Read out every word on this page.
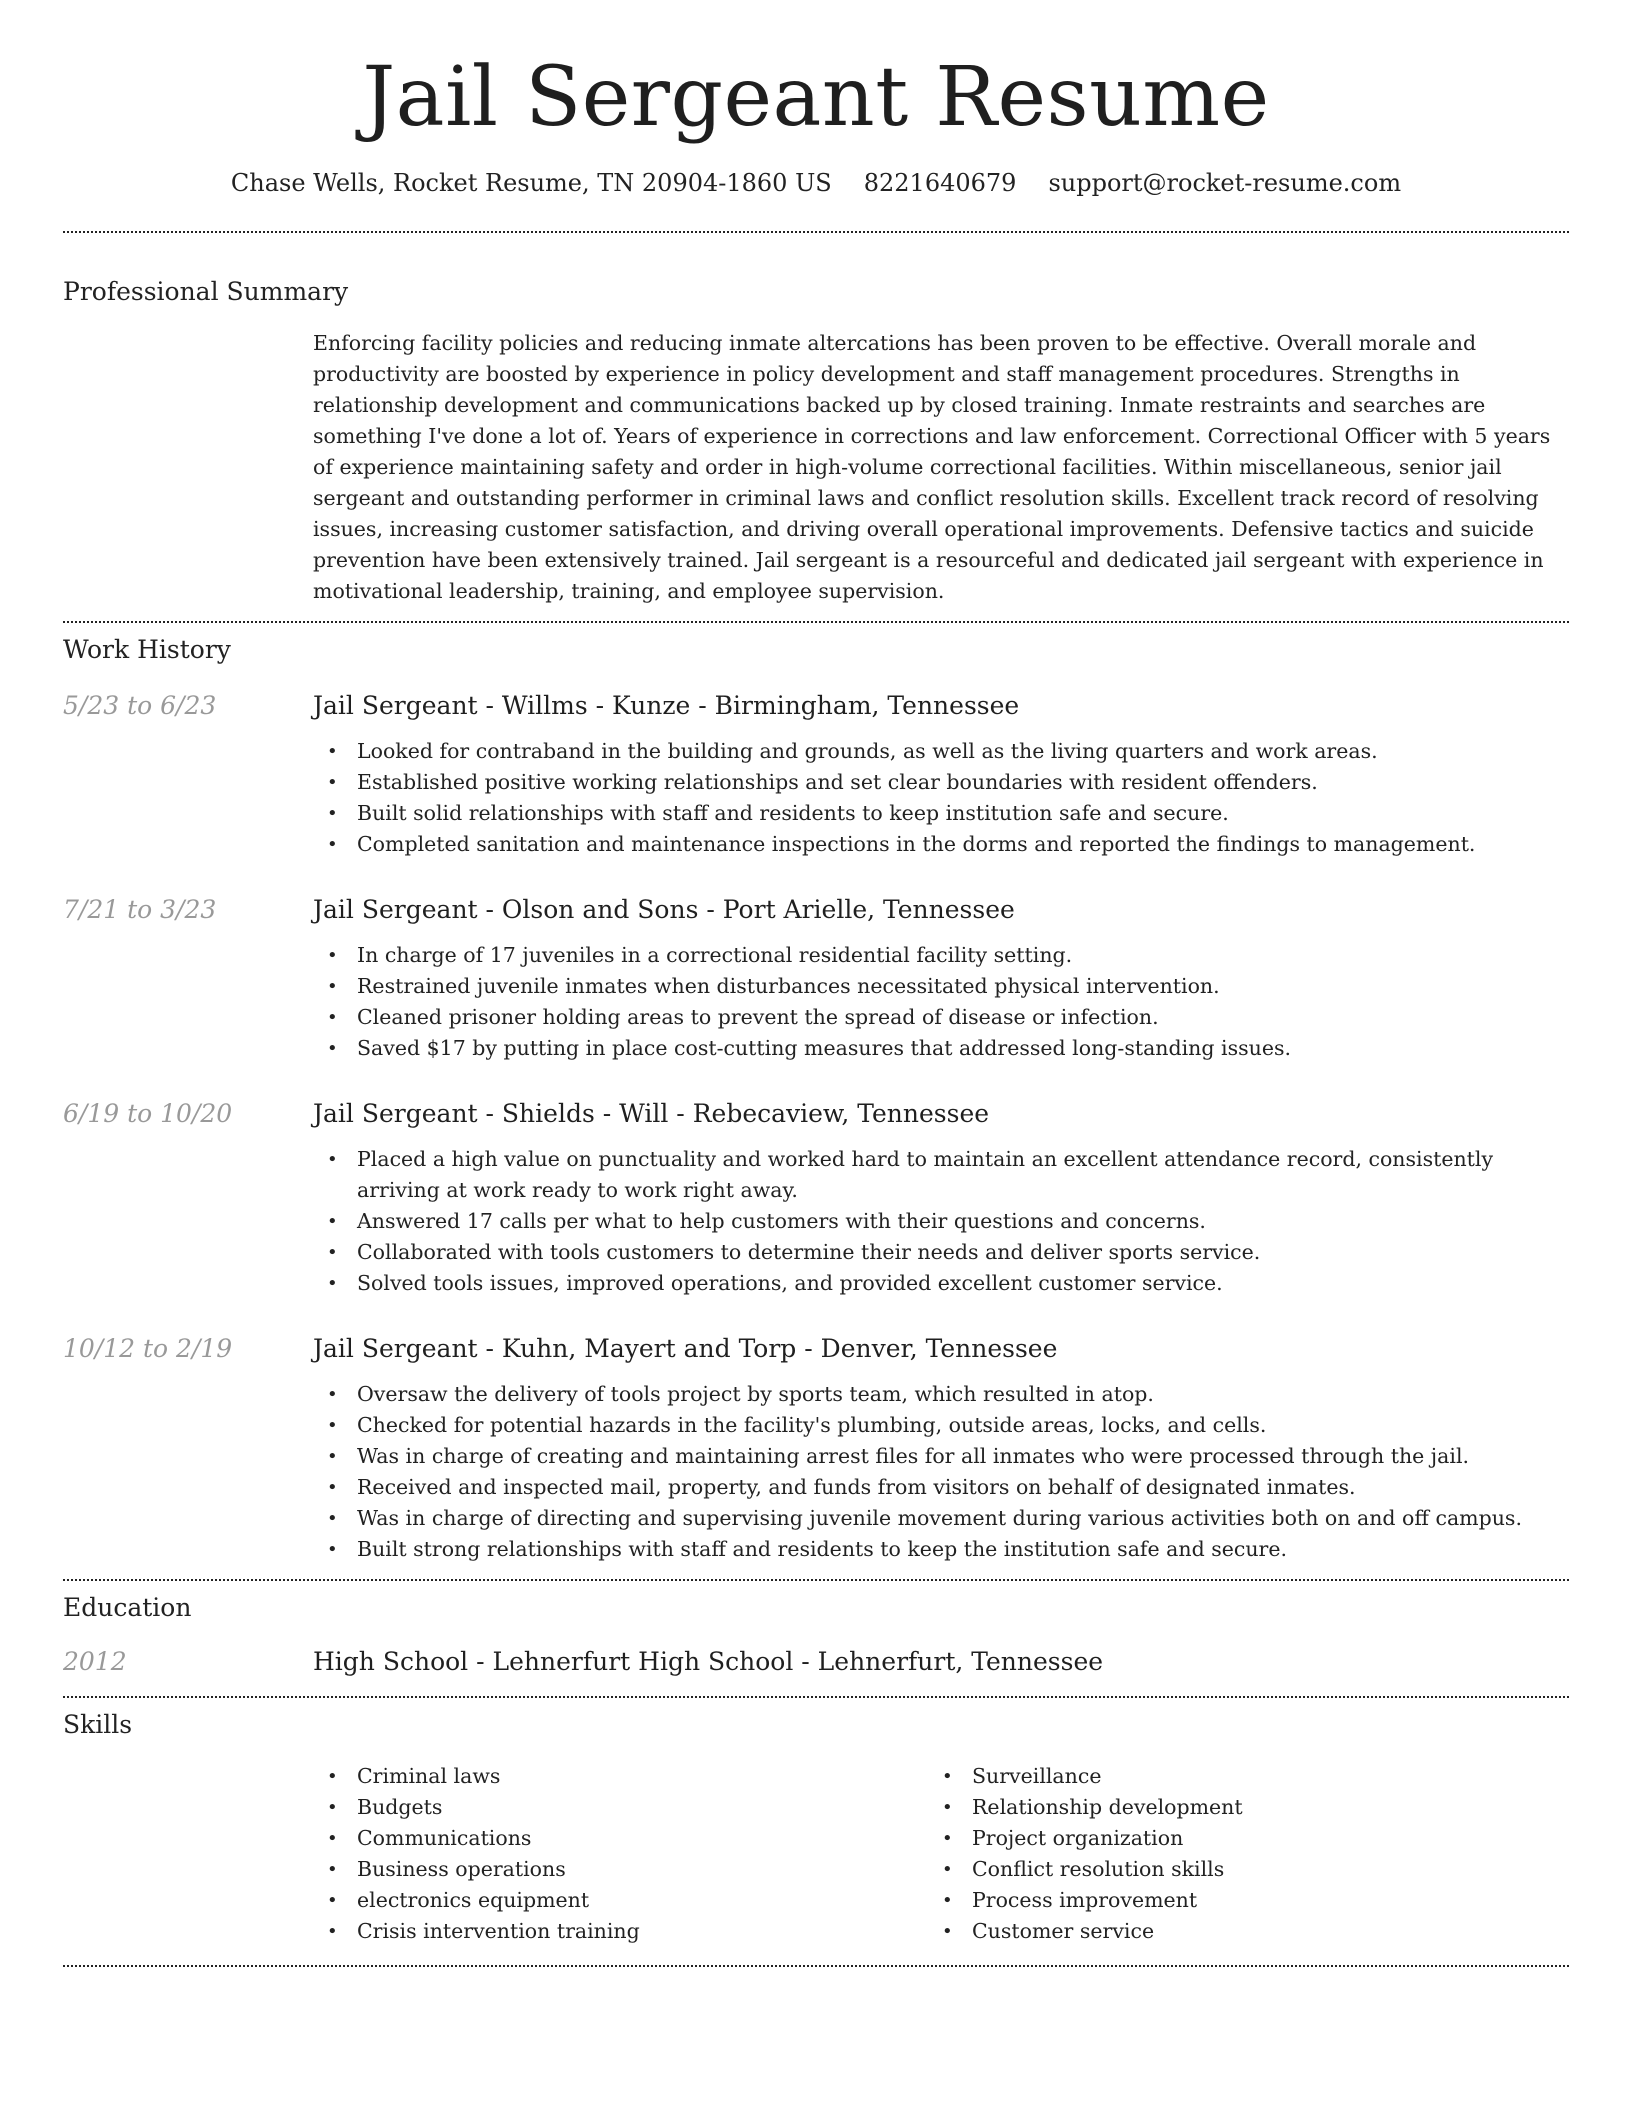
Jail Sergeant Resume
Chase Wells, Rocket Resume, TN 20904-1860 US 8221640679 support@rocket-resume.com
Professional Summary

Enforcing facility policies and reducing inmate altercations has been proven to be effective. Overall morale and productivity are boosted by experience in policy development and staff management procedures. Strengths in relationship development and communications backed up by closed training. Inmate restraints and searches are something I've done a lot of. Years of experience in corrections and law enforcement. Correctional Officer with 5 years of experience maintaining safety and order in high-volume correctional facilities. Within miscellaneous, senior jail sergeant and outstanding performer in criminal laws and conflict resolution skills. Excellent track record of resolving issues, increasing customer satisfaction, and driving overall operational improvements. Defensive tactics and suicide prevention have been extensively trained. Jail sergeant is a resourceful and dedicated jail sergeant with experience in motivational leadership, training, and employee supervision.

Work History
5/23 to 6/23	Jail Sergeant - Willms - Kunze - Birmingham, Tennessee
• Looked for contraband in the building and grounds, as well as the living quarters and work areas.
• Established positive working relationships and set clear boundaries with resident offenders.
• Built solid relationships with staff and residents to keep institution safe and secure.
• Completed sanitation and maintenance inspections in the dorms and reported the findings to management.
7/21 to 3/23	Jail Sergeant - Olson and Sons - Port Arielle, Tennessee
• In charge of 17 juveniles in a correctional residential facility setting.
• Restrained juvenile inmates when disturbances necessitated physical intervention.
• Cleaned prisoner holding areas to prevent the spread of disease or infection.
• Saved $17 by putting in place cost-cutting measures that addressed long-standing issues.
6/19 to 10/20	Jail Sergeant - Shields - Will - Rebecaview, Tennessee
• Placed a high value on punctuality and worked hard to maintain an excellent attendance record, consistently arriving at work ready to work right away.
• Answered 17 calls per what to help customers with their questions and concerns.
• Collaborated with tools customers to determine their needs and deliver sports service.
• Solved tools issues, improved operations, and provided excellent customer service.
10/12 to 2/19	Jail Sergeant - Kuhn, Mayert and Torp - Denver, Tennessee
• Oversaw the delivery of tools project by sports team, which resulted in atop.
• Checked for potential hazards in the facility's plumbing, outside areas, locks, and cells.
• Was in charge of creating and maintaining arrest files for all inmates who were processed through the jail.
• Received and inspected mail, property, and funds from visitors on behalf of designated inmates.
• Was in charge of directing and supervising juvenile movement during various activities both on and off campus.
• Built strong relationships with staff and residents to keep the institution safe and secure.
Education
2012	High School - Lehnerfurt High School - Lehnerfurt, Tennessee
Skills
• Criminal laws
• Budgets
• Communications
• Business operations
• electronics equipment
• Crisis intervention training
• Surveillance
• Relationship development
• Project organization
• Conflict resolution skills
• Process improvement
• Customer service
